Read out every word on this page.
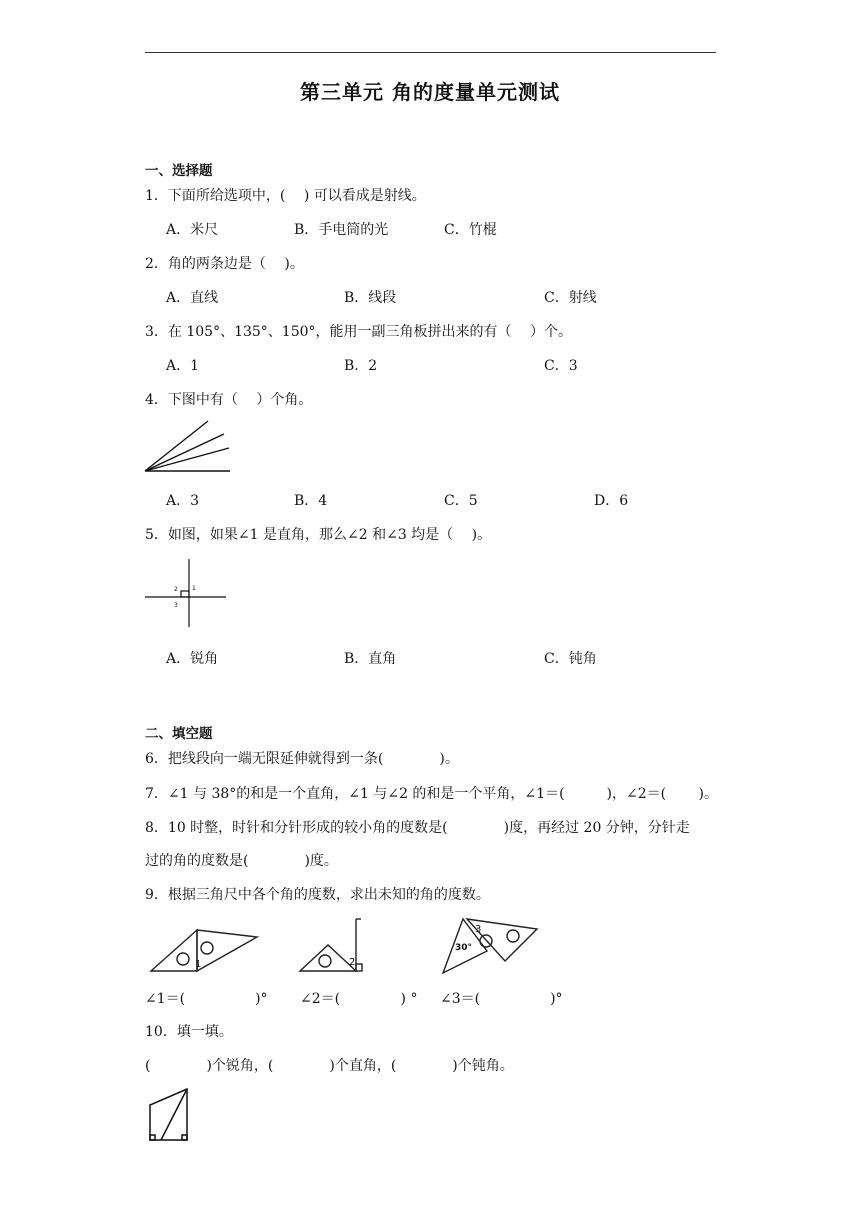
第三单元 角的度量单元测试
一、选择题
1．下面所给选项中，(　 ) 可以看成是射线。
A．米尺	B．手电筒的光	C．竹棍
2．角的两条边是（　 )。
A．直线	B．线段	C．射线
3．在 105°、135°、150°，能用一副三角板拼出来的有（　 ）个。
A．1	B．2	C．3
4．下图中有（　 ）个角。
A．3	B．4	C．5	D．6
5．如图，如果∠1 是直角，那么∠2 和∠3 均是（　 )。
2 1
3
A．锐角	B．直角	C．钝角
二、填空题
6．把线段向一端无限延伸就得到一条(　　　　)。
7．∠1 与 38°的和是一个直角，∠1 与∠2 的和是一个平角，∠1＝(　　　)，∠2＝(　　 )。
8．10 时整，时针和分针形成的较小角的度数是(　　　　)度，再经过 20 分钟，分针走
过的角的度数是(　　　　)度。
9．根据三角尺中各个角的度数，求出未知的角的度数。
1	2
3
30°
∠1＝(　　　　　)° ∠2＝(　　　　 ) ° ∠3＝(　　　　　)°
10．填一填。
(　　　　)个锐角，(　　　　)个直角，(　　　　)个钝角。
